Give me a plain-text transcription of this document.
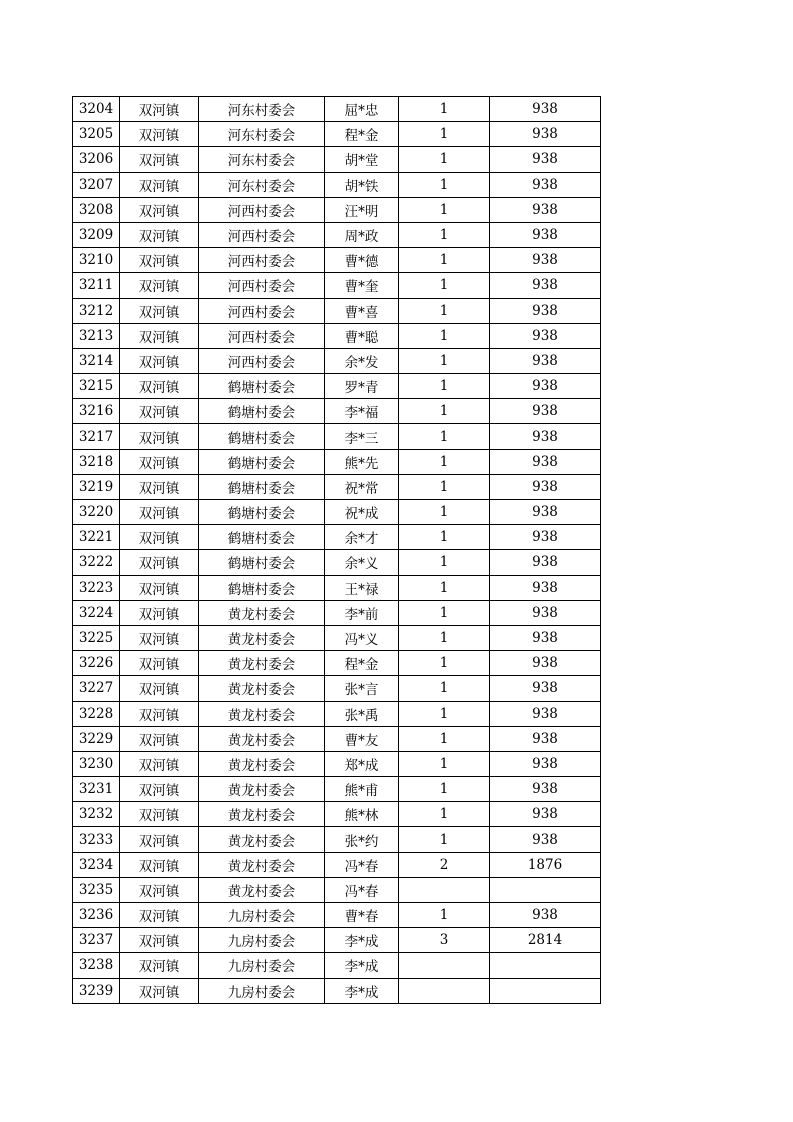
3204	双河镇	河东村委会	屈*忠	1	938
3205	双河镇	河东村委会	程*金	1	938
3206	双河镇	河东村委会	胡*堂	1	938
3207	双河镇	河东村委会	胡*铁	1	938
3208	双河镇	河西村委会	汪*明	1	938
3209	双河镇	河西村委会	周*政	1	938
3210	双河镇	河西村委会	曹*德	1	938
3211	双河镇	河西村委会	曹*奎	1	938
3212	双河镇	河西村委会	曹*喜	1	938
3213	双河镇	河西村委会	曹*聪	1	938
3214	双河镇	河西村委会	余*发	1	938
3215	双河镇	鹤塘村委会	罗*青	1	938
3216	双河镇	鹤塘村委会	李*福	1	938
3217	双河镇	鹤塘村委会	李*三	1	938
3218	双河镇	鹤塘村委会	熊*先	1	938
3219	双河镇	鹤塘村委会	祝*常	1	938
3220	双河镇	鹤塘村委会	祝*成	1	938
3221	双河镇	鹤塘村委会	余*才	1	938
3222	双河镇	鹤塘村委会	余*义	1	938
3223	双河镇	鹤塘村委会	王*禄	1	938
3224	双河镇	黄龙村委会	李*前	1	938
3225	双河镇	黄龙村委会	冯*义	1	938
3226	双河镇	黄龙村委会	程*金	1	938
3227	双河镇	黄龙村委会	张*言	1	938
3228	双河镇	黄龙村委会	张*禹	1	938
3229	双河镇	黄龙村委会	曹*友	1	938
3230	双河镇	黄龙村委会	郑*成	1	938
3231	双河镇	黄龙村委会	熊*甫	1	938
3232	双河镇	黄龙村委会	熊*林	1	938
3233	双河镇	黄龙村委会	张*约	1	938
3234	双河镇	黄龙村委会	冯*春	2	1876
3235	双河镇	黄龙村委会	冯*春		
3236	双河镇	九房村委会	曹*春	1	938
3237	双河镇	九房村委会	李*成	3	2814
3238	双河镇	九房村委会	李*成		
3239	双河镇	九房村委会	李*成		
